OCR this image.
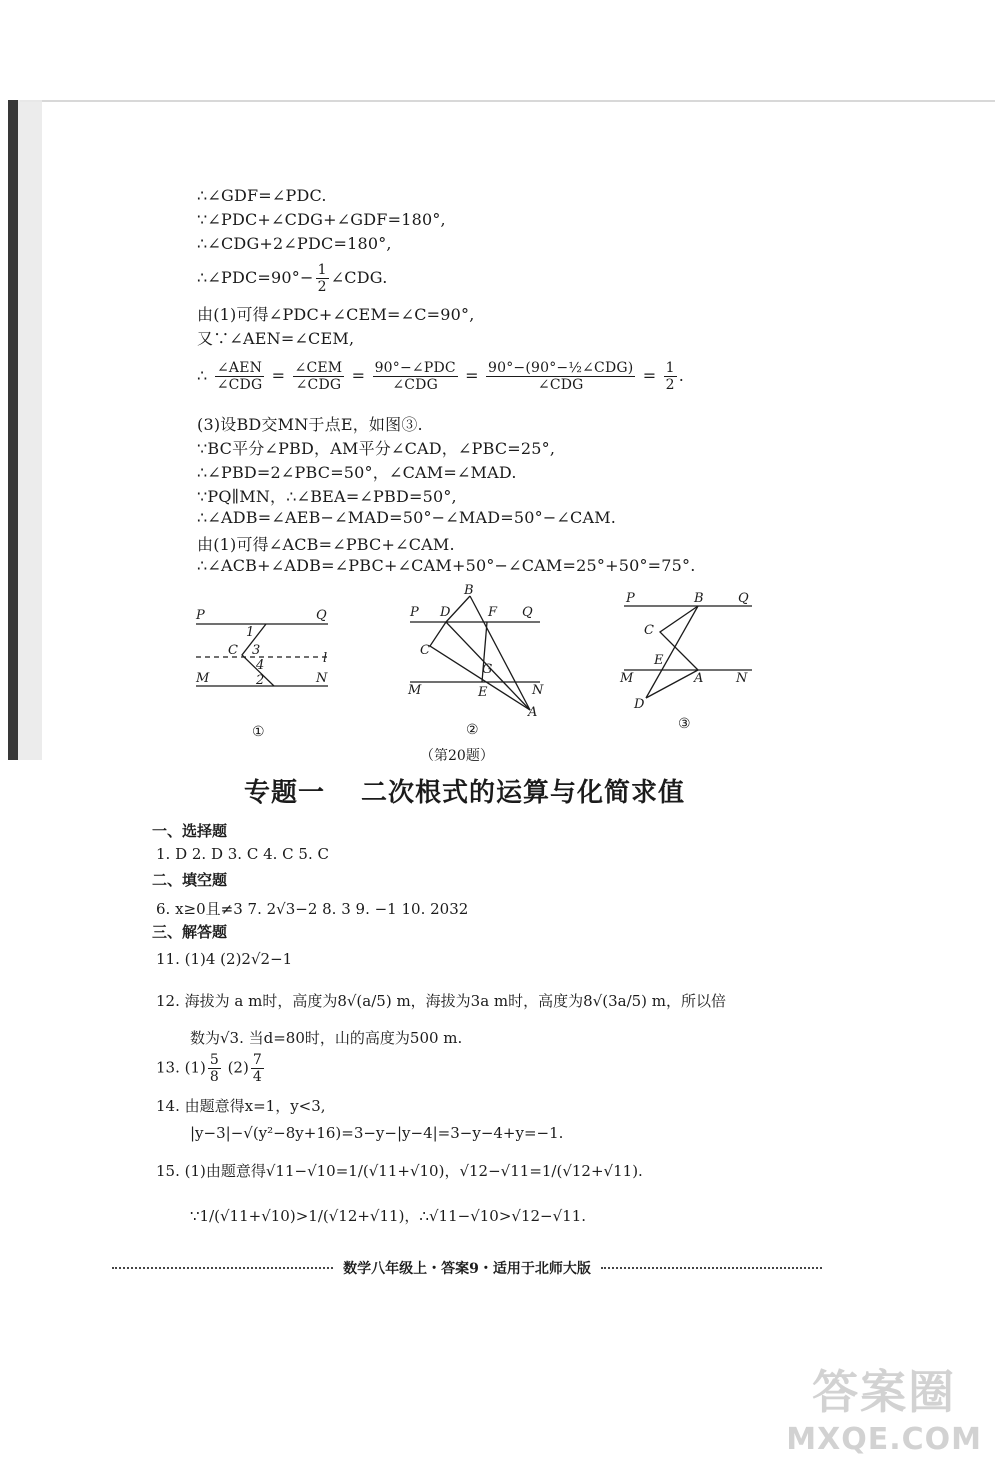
∴∠GDF=∠PDC.
∵∠PDC+∠CDG+∠GDF=180°,
∴∠CDG+2∠PDC=180°,
∴∠PDC=90°− $\frac{1}{2}$ ∠CDG.
由(1)可得∠PDC+∠CEM=∠C=90°,
又∵∠AEN=∠CEM,
∴ $\frac{\text{∠AEN}}{\text{∠CDG}} = \frac{\text{∠CEM}}{\text{∠CDG}} = \frac{\text{90°−∠PDC}}{\text{∠CDG}} = \frac{\text{90°−(90°−½∠CDG)}}{\text{∠CDG}} = \frac{1}{2}$ .
(3)设BD交MN于点E，如图③.
∵BC平分∠PBD，AM平分∠CAD，∠PBC=25°,
∴∠PBD=2∠PBC=50°，∠CAM=∠MAD.
∵PQ∥MN，∴∠BEA=∠PBD=50°,
∴∠ADB=∠AEB−∠MAD=50°−∠MAD=50°−∠CAM.
由(1)可得∠ACB=∠PBC+∠CAM.
∴∠ACB+∠ADB=∠PBC+∠CAM+50°−∠CAM=25°+50°=75°.
P	Q
C
l
M	N
1
3
4
2
P D
B
F Q
C
G
M	E	N
A
P	B	Q
C
E
M	A	N
D
①	②	③
（第20题）
专题一 二次根式的运算与化简求值
一、选择题
1. D 2. D 3. C 4. C 5. C
二、填空题
6. x≥0且≠3 7. 2√3−2 8. 3 9. −1 10. 2032
三、解答题
11. (1)4 (2)2√2−1
12. 海拔为 a m时，高度为8√(a/5) m，海拔为3a m时，高度为8√(3a/5) m，所以倍
数为√3. 当d=80时，山的高度为500 m.
13. $(1) \frac{5}{8} (2) \frac{7}{4}$
14. 由题意得x=1，y<3,
|y−3|−√(y²−8y+16)=3−y−|y−4|=3−y−4+y=−1.
15. (1)由题意得√11−√10=1/(√11+√10)，√12−√11=1/(√12+√11).
∵1/(√11+√10)>1/(√12+√11)，∴√11−√10>√12−√11.
数学八年级上・答案9・适用于北师大版
答案圈
MXQE.COM
